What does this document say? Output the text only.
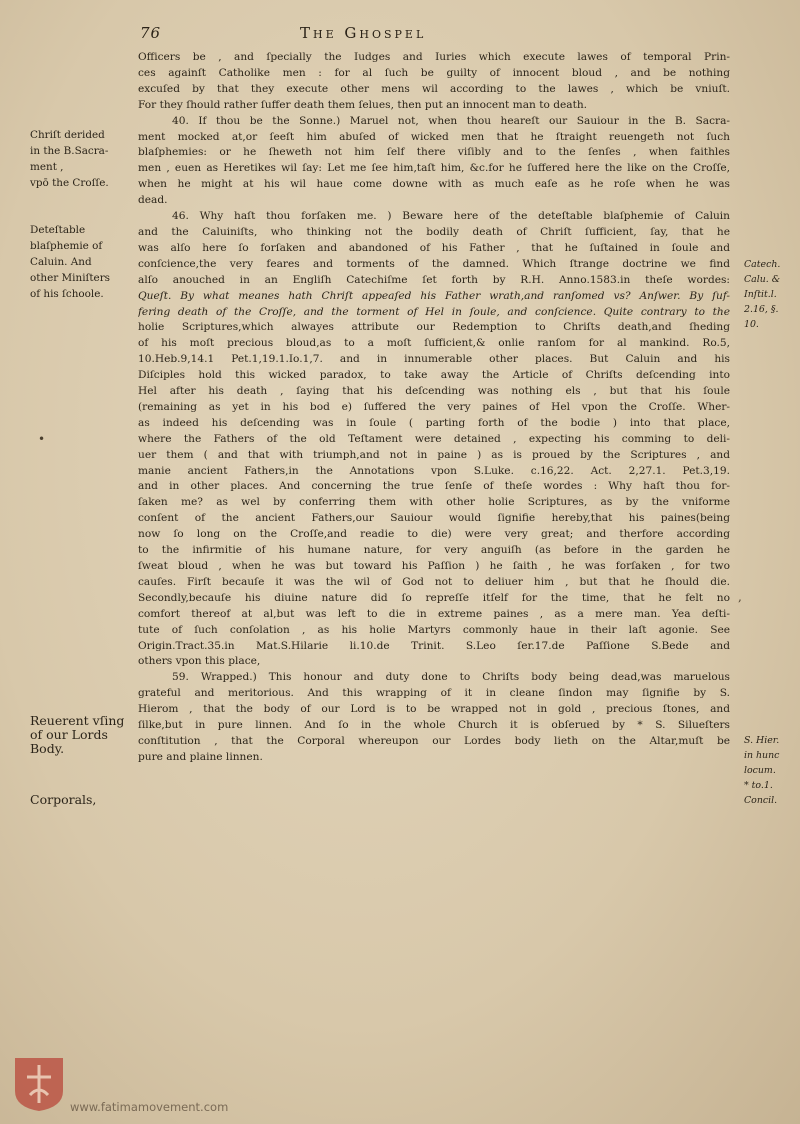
76	The Ghospel
Officers be , and ſpecially the Iudges and Iuries which execute lawes of temporal Prin-
ces againſt Catholike men : for al ſuch be guilty of innocent bloud , and be nothing
excuſed by that they execute other mens wil according to the lawes , which be vniuſt.
For they ſhould rather ſuffer death them ſelues, then put an innocent man to death.
40. If thou be the Sonne.) Maruel not, when thou heareſt our Sauiour in the B. Sacra-
ment mocked at,or ſeeſt him abuſed of wicked men that he ſtraight reuengeth not ſuch
blaſphemies: or he ſheweth not him ſelf there viſibly and to the ſenſes , when faithles
men , euen as Heretikes wil ſay: Let me ſee him,taſt him, &c.for he ſuffered here the like on the Croſſe,
when he might at his wil haue come downe with as much eaſe as he roſe when he was
dead.
46. Why haſt thou forſaken me. ) Beware here of the deteſtable blaſphemie of Caluin
and the Caluiniſts, who thinking not the bodily death of Chriſt ſufficient, ſay, that he
was alſo here ſo forſaken and abandoned of his Father , that he ſuſtained in ſoule and
conſcience,the very feares and torments of the damned. Which ſtrange doctrine we find
alſo anouched in an Engliſh Catechiſme ſet forth by R.H. Anno.1583.in theſe wordes:
Queſt. By what meanes hath Chriſt appeaſed his Father wrath,and ranſomed vs? Anſwer. By ſuf-
fering death of the Croſſe, and the torment of Hel in ſoule, and conſcience. Quite contrary to the
holie Scriptures,which alwayes attribute our Redemption to Chriſts death,and ſheding
of his moſt precious bloud,as to a moſt ſufficient,& onlie ranſom for al mankind. Ro.5,
10.Heb.9,14.1 Pet.1,19.1.Io.1,7. and in innumerable other places. But Caluin and his
Diſciples hold this wicked paradox, to take away the Article of Chriſts deſcending into
Hel after his death , ſaying that his deſcending was nothing els , but that his ſoule
(remaining as yet in his bod e) ſuffered the very paines of Hel vpon the Croſſe. Wher-
as indeed his deſcending was in ſoule ( parting forth of the bodie ) into that place,
where the Fathers of the old Teſtament were detained , expecting his comming to deli-
uer them ( and that with triumph,and not in paine ) as is proued by the Scriptures , and
manie ancient Fathers,in the Annotations vpon S.Luke. c.16,22. Act. 2,27.1. Pet.3,19.
and in other places. And concerning the true ſenſe of theſe wordes : Why haſt thou for-
ſaken me? as wel by conferring them with other holie Scriptures, as by the vniforme
conſent of the ancient Fathers,our Sauiour would ſignifie hereby,that his paines(being
now ſo long on the Croſſe,and readie to die) were very great; and therfore according
to the infirmitie of his humane nature, for very anguiſh (as before in the garden he
ſweat bloud , when he was but toward his Paſſion ) he ſaith , he was forſaken , for two
cauſes. Firſt becauſe it was the wil of God not to deliuer him , but that he ſhould die.
Secondly,becauſe his diuine nature did ſo repreſſe itſelf for the time, that he felt no
comfort thereof at al,but was left to die in extreme paines , as a mere man. Yea deſti-
tute of ſuch conſolation , as his holie Martyrs commonly haue in their laſt agonie. See
Origin.Tract.35.in Mat.S.Hilarie li.10.de Trinit. S.Leo ſer.17.de Paſſione S.Bede and
others vpon this place,
59. Wrapped.) This honour and duty done to Chriſts body being dead,was maruelous
grateful and meritorious. And this wrapping of it in cleane ſindon may ſignifie by S.
Hierom , that the body of our Lord is to be wrapped not in gold , precious ſtones, and
ſilke,but in pure linnen. And ſo in the whole Church it is obſerued by * S. Silueſters
conſtitution , that the Corporal whereupon our Lordes body lieth on the Altar,muſt be
pure and plaine linnen.
Chriſt derided
in the B.Sacra-
ment ,
vpō the Croſſe.
Deteſtable
blaſphemie of
Caluin. And
other Miniſters
of his ſchoole.
Reuerent vſing
of our Lords
Body.
Corporals,
Catech.
Calu. &
Inſtit.l.
2.16, §.
10.
S. Hier.
in hunc
locum.
* to.1.
Concil.
•
,
www.fatimamovement.com
